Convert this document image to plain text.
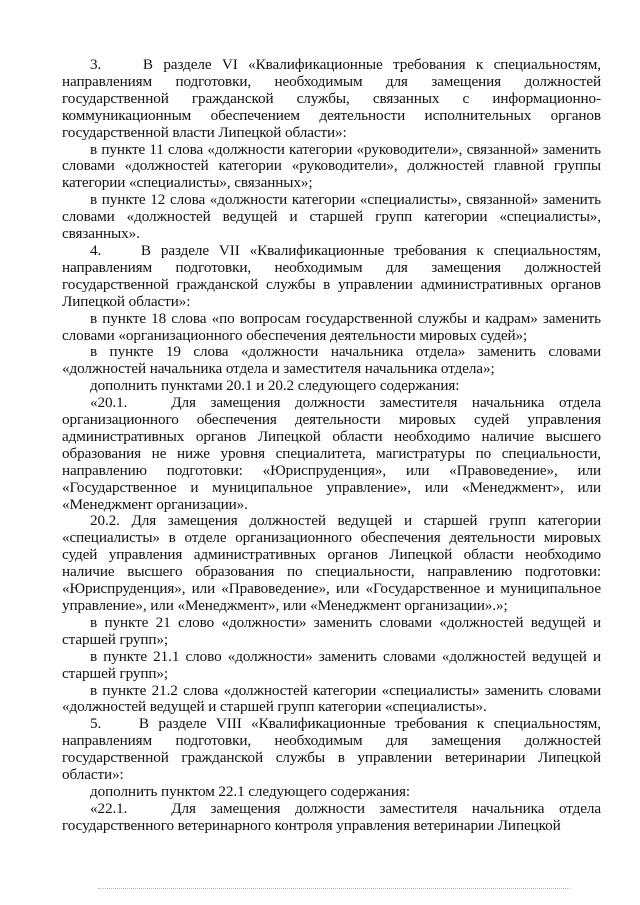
3.    В разделе VI «Квалификационные требования к специальностям, направлениям подготовки, необходимым для замещения должностей государственной гражданской службы, связанных с информационно-коммуникационным обеспечением деятельности исполнительных органов государственной власти Липецкой области»:

в пункте 11 слова «должности категории «руководители», связанной» заменить словами «должностей категории «руководители», должностей главной группы категории «специалисты», связанных»;

в пункте 12 слова «должности категории «специалисты», связанной» заменить словами «должностей ведущей и старшей групп категории «специалисты», связанных».

4.    В разделе VII «Квалификационные требования к специальностям, направлениям подготовки, необходимым для замещения должностей государственной гражданской службы в управлении административных органов Липецкой области»:

в пункте 18 слова «по вопросам государственной службы и кадрам» заменить словами «организационного обеспечения деятельности мировых судей»;

в пункте 19 слова «должности начальника отдела» заменить словами «должностей начальника отдела и заместителя начальника отдела»;

дополнить пунктами 20.1 и 20.2 следующего содержания:

«20.1.   Для замещения должности заместителя начальника отдела организационного обеспечения деятельности мировых судей управления административных органов Липецкой области необходимо наличие высшего образования не ниже уровня специалитета, магистратуры по специальности, направлению подготовки: «Юриспруденция», или «Правоведение», или «Государственное и муниципальное управление», или «Менеджмент», или «Менеджмент организации».

20.2. Для замещения должностей ведущей и старшей групп категории «специалисты» в отделе организационного обеспечения деятельности мировых судей управления административных органов Липецкой области необходимо наличие высшего образования по специальности, направлению подготовки: «Юриспруденция», или «Правоведение», или «Государственное и муниципальное управление», или «Менеджмент», или «Менеджмент организации».»;

в пункте 21 слово «должности» заменить словами «должностей ведущей и старшей групп»;

в пункте 21.1 слово «должности» заменить словами «должностей ведущей и старшей групп»;

в пункте 21.2 слова «должностей категории «специалисты» заменить словами «должностей ведущей и старшей групп категории «специалисты».

5.    В разделе VIII «Квалификационные требования к специальностям, направлениям подготовки, необходимым для замещения должностей государственной гражданской службы в управлении ветеринарии Липецкой области»:

дополнить пунктом 22.1 следующего содержания:

«22.1.   Для замещения должности заместителя начальника отдела государственного ветеринарного контроля управления ветеринарии Липецкой
